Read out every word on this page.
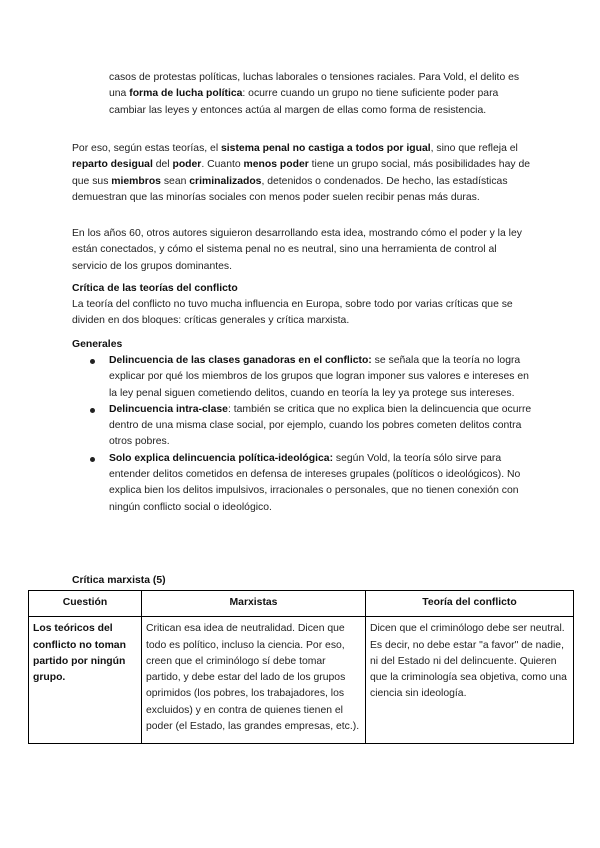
casos de protestas políticas, luchas laborales o tensiones raciales. Para Vold, el delito es una forma de lucha política: ocurre cuando un grupo no tiene suficiente poder para cambiar las leyes y entonces actúa al margen de ellas como forma de resistencia.

Por eso, según estas teorías, el sistema penal no castiga a todos por igual, sino que refleja el reparto desigual del poder. Cuanto menos poder tiene un grupo social, más posibilidades hay de que sus miembros sean criminalizados, detenidos o condenados. De hecho, las estadísticas demuestran que las minorías sociales con menos poder suelen recibir penas más duras.

En los años 60, otros autores siguieron desarrollando esta idea, mostrando cómo el poder y la ley están conectados, y cómo el sistema penal no es neutral, sino una herramienta de control al servicio de los grupos dominantes.

Crítica de las teorías del conflicto

La teoría del conflicto no tuvo mucha influencia en Europa, sobre todo por varias críticas que se dividen en dos bloques: críticas generales y crítica marxista.

Generales

Delincuencia de las clases ganadoras en el conflicto: se señala que la teoría no logra explicar por qué los miembros de los grupos que logran imponer sus valores e intereses en la ley penal siguen cometiendo delitos, cuando en teoría la ley ya protege sus intereses.
Delincuencia intra-clase: también se critica que no explica bien la delincuencia que ocurre dentro de una misma clase social, por ejemplo, cuando los pobres cometen delitos contra otros pobres.
Solo explica delincuencia política-ideológica: según Vold, la teoría sólo sirve para entender delitos cometidos en defensa de intereses grupales (políticos o ideológicos). No explica bien los delitos impulsivos, irracionales o personales, que no tienen conexión con ningún conflicto social o ideológico.

Crítica marxista (5)

Cuestión	Marxistas	Teoría del conflicto
Los teóricos del conflicto no toman partido por ningún grupo.	Critican esa idea de neutralidad. Dicen que todo es político, incluso la ciencia. Por eso, creen que el criminólogo sí debe tomar partido, y debe estar del lado de los grupos oprimidos (los pobres, los trabajadores, los excluidos) y en contra de quienes tienen el poder (el Estado, las grandes empresas, etc.).	Dicen que el criminólogo debe ser neutral. Es decir, no debe estar "a favor" de nadie, ni del Estado ni del delincuente. Quieren que la criminología sea objetiva, como una ciencia sin ideología.
